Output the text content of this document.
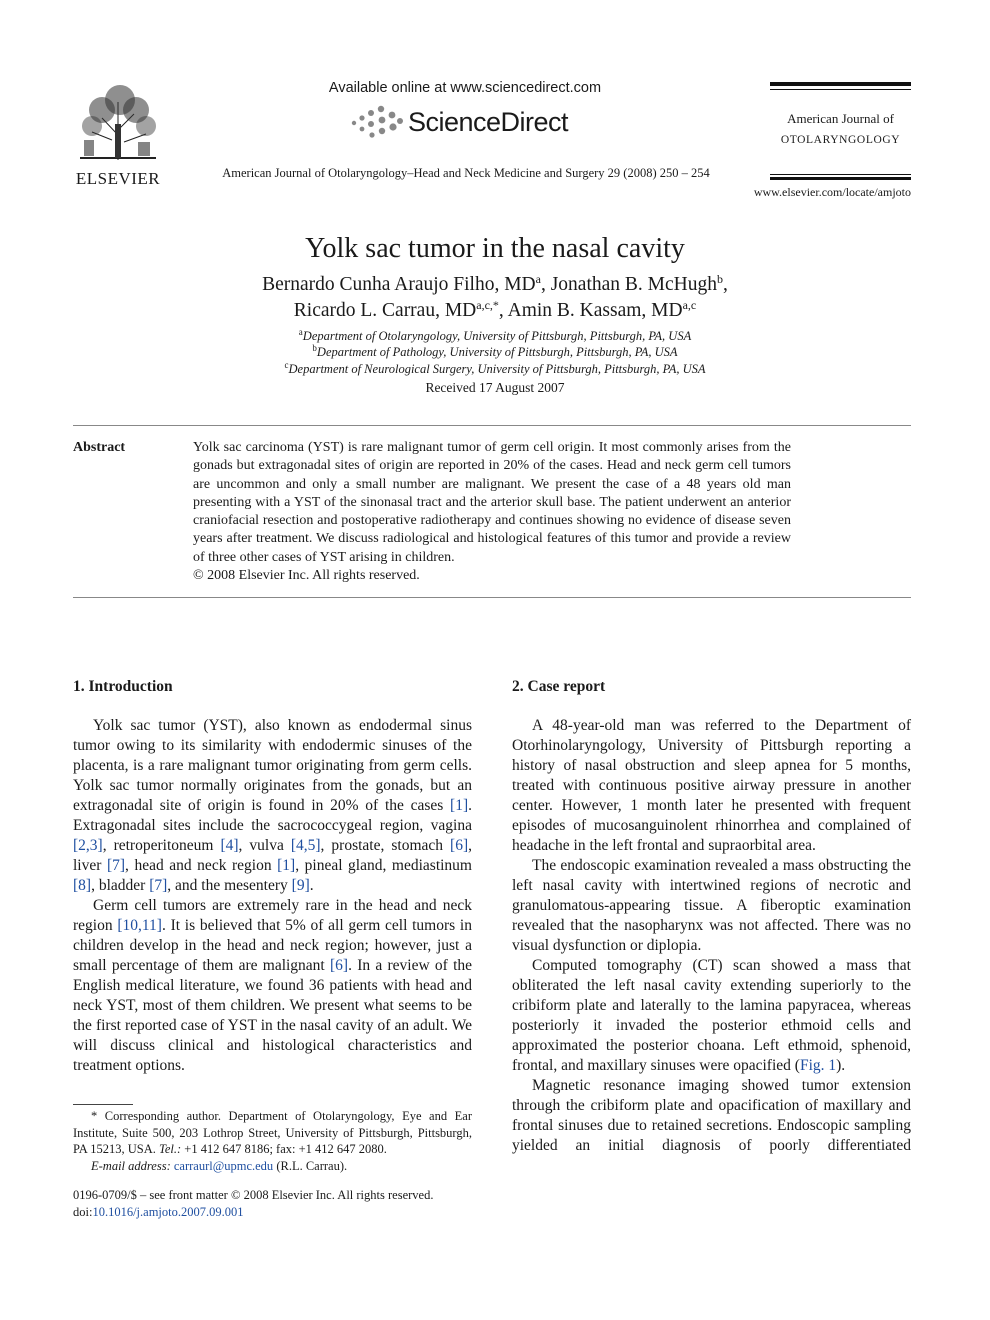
ELSEVIER
Available online at www.sciencedirect.com
ScienceDirect
American Journal of Otolaryngology–Head and Neck Medicine and Surgery 29 (2008) 250 – 254
American Journal of
OTOLARYNGOLOGY
www.elsevier.com/locate/amjoto
Yolk sac tumor in the nasal cavity
Bernardo Cunha Araujo Filho, $MD^a$, Jonathan B. McHugh$^b$,
Ricardo L. Carrau, $MD^{a,c,*}$, Amin B. Kassam, MD$^{a,c}$
$^a$Department of Otolaryngology, University of Pittsburgh, Pittsburgh, PA, USA
$^b$Department of Pathology, University of Pittsburgh, Pittsburgh, PA, USA
$^c$Department of Neurological Surgery, University of Pittsburgh, Pittsburgh, PA, USA
Received 17 August 2007
Abstract	Yolk sac carcinoma (YST) is rare malignant tumor of germ cell origin. It most commonly arises from the gonads but extragonadal sites of origin are reported in 20% of the cases. Head and neck germ cell tumors are uncommon and only a small number are malignant. We present the case of a 48 years old man presenting with a YST of the sinonasal tract and the arterior skull base. The patient underwent an anterior craniofacial resection and postoperative radiotherapy and continues showing no evidence of disease seven years after treatment. We discuss radiological and histological features of this tumor and provide a review of three other cases of YST arising in children.
© 2008 Elsevier Inc. All rights reserved.
1. Introduction

Yolk sac tumor (YST), also known as endodermal sinus tumor owing to its similarity with endodermic sinuses of the placenta, is a rare malignant tumor originating from germ cells. Yolk sac tumor normally originates from the gonads, but an extragonadal site of origin is found in 20% of the cases [1]. Extragonadal sites include the sacrococcygeal region, vagina [2,3], retroperitoneum [4], vulva [4,5], prostate, stomach [6], liver [7], head and neck region [1], pineal gland, mediastinum [8], bladder [7], and the mesentery [9].

Germ cell tumors are extremely rare in the head and neck region [10,11]. It is believed that 5% of all germ cell tumors in children develop in the head and neck region; however, just a small percentage of them are malignant [6]. In a review of the English medical literature, we found 36 patients with head and neck YST, most of them children. We present what seems to be the first reported case of YST in the nasal cavity of an adult. We will discuss clinical and histological characteristics and treatment options.

* Corresponding author. Department of Otolaryngology, Eye and Ear Institute, Suite 500, 203 Lothrop Street, University of Pittsburgh, Pittsburgh, PA 15213, USA. Tel.: +1 412 647 8186; fax: +1 412 647 2080.
E-mail address: carraurl@upmc.edu (R.L. Carrau).
0196-0709/$ – see front matter © 2008 Elsevier Inc. All rights reserved.
doi:10.1016/j.amjoto.2007.09.001
2. Case report

A 48-year-old man was referred to the Department of Otorhinolaryngology, University of Pittsburgh reporting a history of nasal obstruction and sleep apnea for 5 months, treated with continuous positive airway pressure in another center. However, 1 month later he presented with frequent episodes of mucosanguinolent rhinorrhea and complained of headache in the left frontal and supraorbital area.

The endoscopic examination revealed a mass obstructing the left nasal cavity with intertwined regions of necrotic and granulomatous-appearing tissue. A fiberoptic examination revealed that the nasopharynx was not affected. There was no visual dysfunction or diplopia.

Computed tomography (CT) scan showed a mass that obliterated the left nasal cavity extending superiorly to the cribiform plate and laterally to the lamina papyracea, whereas posteriorly it invaded the posterior ethmoid cells and approximated the posterior choana. Left ethmoid, sphenoid, frontal, and maxillary sinuses were opacified (Fig. 1).

Magnetic resonance imaging showed tumor extension through the cribiform plate and opacification of maxillary and frontal sinuses due to retained secretions. Endoscopic sampling yielded an initial diagnosis of poorly differentiated
